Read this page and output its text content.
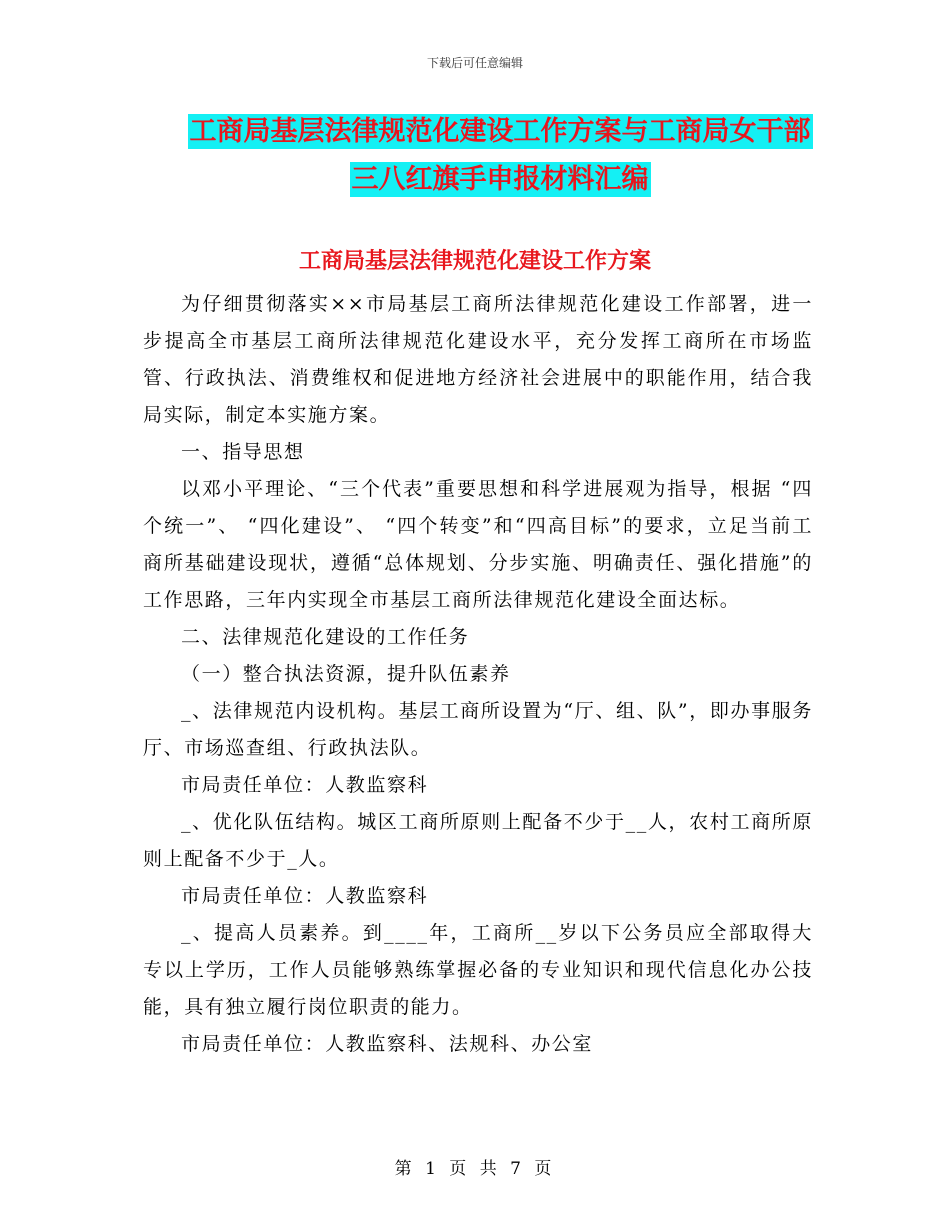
下载后可任意编辑
工商局基层法律规范化建设工作方案与工商局女干部
三八红旗手申报材料汇编
工商局基层法律规范化建设工作方案

为仔细贯彻落实××市局基层工商所法律规范化建设工作部署，进一步提高全市基层工商所法律规范化建设水平，充分发挥工商所在市场监管、行政执法、消费维权和促进地方经济社会进展中的职能作用，结合我局实际，制定本实施方案。

一、指导思想

以邓小平理论、“三个代表”重要思想和科学进展观为指导，根据 “四个统一”、 “四化建设”、 “四个转变”和“四高目标”的要求，立足当前工商所基础建设现状，遵循“总体规划、分步实施、明确责任、强化措施”的工作思路，三年内实现全市基层工商所法律规范化建设全面达标。

二、法律规范化建设的工作任务

（一）整合执法资源，提升队伍素养

_、法律规范内设机构。基层工商所设置为“厅、组、队”，即办事服务厅、市场巡查组、行政执法队。

市局责任单位：人教监察科

_、优化队伍结构。城区工商所原则上配备不少于__人，农村工商所原则上配备不少于_人。

市局责任单位：人教监察科

_、提高人员素养。到____年，工商所__岁以下公务员应全部取得大专以上学历，工作人员能够熟练掌握必备的专业知识和现代信息化办公技能，具有独立履行岗位职责的能力。

市局责任单位：人教监察科、法规科、办公室

第 1 页 共 7 页
